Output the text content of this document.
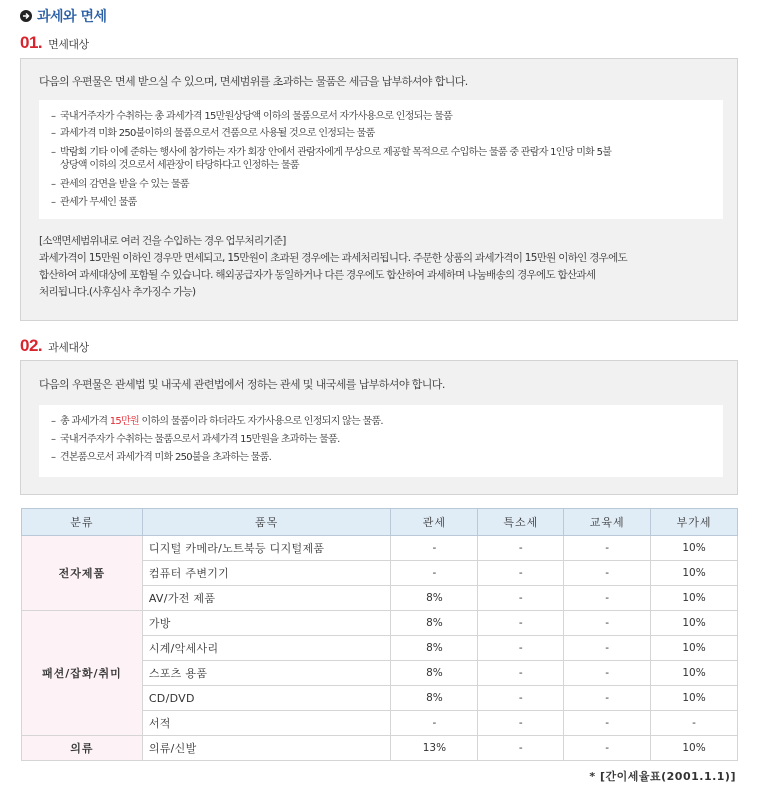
과세와 면세
01. 면세대상
다음의 우편물은 면세 받으실 수 있으며, 면세범위를 초과하는 물품은 세금을 납부하셔야 합니다.
– 국내거주자가 수취하는 총 과세가격 15만원상당액 이하의 물품으로서 자가사용으로 인정되는 물품
– 과세가격 미화 250불이하의 물품으로서 견품으로 사용될 것으로 인정되는 물품
– 박람회 기타 이에 준하는 행사에 참가하는 자가 회장 안에서 관람자에게 무상으로 제공할 목적으로 수입하는 물품 중 관람자 1인당 미화 5불
상당액 이하의 것으로서 세관장이 타당하다고 인정하는 물품
– 관세의 감면을 받을 수 있는 물품
– 관세가 무세인 물품
[소액면세범위내로 여러 건을 수입하는 경우 업무처리기준]
과세가격이 15만원 이하인 경우만 면세되고, 15만원이 초과된 경우에는 과세처리됩니다. 주문한 상품의 과세가격이 15만원 이하인 경우에도
합산하여 과세대상에 포함될 수 있습니다. 해외공급자가 동일하거나 다른 경우에도 합산하여 과세하며 나눔배송의 경우에도 합산과세
처리됩니다.(사후심사 추가징수 가능)
02. 과세대상
다음의 우편물은 관세법 및 내국세 관련법에서 정하는 관세 및 내국세를 납부하셔야 합니다.
– 총 과세가격 15만원 이하의 물품이라 하더라도 자가사용으로 인정되지 않는 물품.
– 국내거주자가 수취하는 물품으로서 과세가격 15만원을 초과하는 물품.
– 견본품으로서 과세가격 미화 250불을 초과하는 물품.
분류	품목	관세	특소세	교육세	부가세
전자제품	디지털 카메라/노트북등 디지털제품	-	-	-	10%
	컴퓨터 주변기기	-	-	-	10%
	AV/가전 제품	8%	-	-	10%
패션/잡화/취미	가방	8%	-	-	10%
	시계/악세사리	8%	-	-	10%
	스포츠 용품	8%	-	-	10%
	CD/DVD	8%	-	-	10%
	서적	-	-	-	-
의류	의류/신발	13%	-	-	10%
* [간이세율표(2001.1.1)]
